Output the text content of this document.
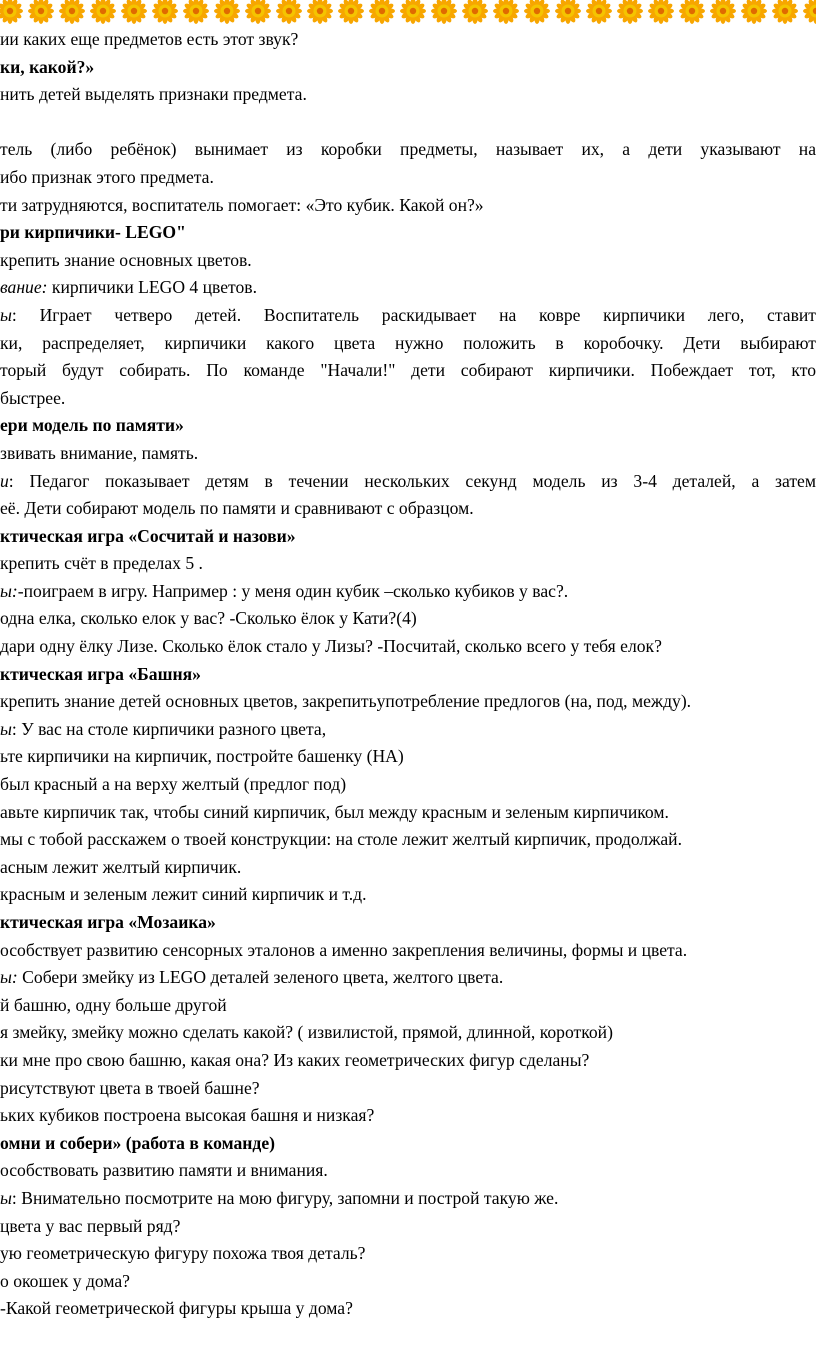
ии каких еще предметов есть этот звук?
ки, какой?»
нить детей выделять признаки предмета.
тель (либо ребёнок) вынимает из коробки предметы, называет их, а дети указывают на
ибо признак этого предмета.
ти затрудняются, воспитатель помогает: «Это кубик. Какой он?»
ри кирпичики- LEGO"
крепить знание основных цветов.
вание: кирпичики LEGO 4 цветов.
ы: Играет четверо детей. Воспитатель раскидывает на ковре кирпичики лего, ставит
ки, распределяет, кирпичики какого цвета нужно положить в коробочку. Дети выбирают
торый будут собирать. По команде "Начали!" дети собирают кирпичики. Побеждает тот, кто
быстрее.
ери модель по памяти»
звивать внимание, память.
и: Педагог показывает детям в течении нескольких секунд модель из 3-4 деталей, а затем
её. Дети собирают модель по памяти и сравнивают с образцом.
ктическая игра «Сосчитай и назови»
крепить счёт в пределах 5 .
ы:-поиграем в игру. Например : у меня один кубик –сколько кубиков у вас?.
одна елка, сколько елок у вас? -Сколько ёлок у Кати?(4)
дари одну ёлку Лизе. Сколько ёлок стало у Лизы? -Посчитай, сколько всего у тебя елок?
ктическая игра «Башня»
крепить знание детей основных цветов, закрепитьупотребление предлогов (на, под, между).
ы: У вас на столе кирпичики разного цвета,
ьте кирпичики на кирпичик, постройте башенку (НА)
был красный а на верху желтый (предлог под)
авьте кирпичик так, чтобы синий кирпичик, был между красным и зеленым кирпичиком.
мы с тобой расскажем о твоей конструкции: на столе лежит желтый кирпичик, продолжай.
асным лежит желтый кирпичик.
красным и зеленым лежит синий кирпичик и т.д.
ктическая игра «Мозаика»
особствует развитию сенсорных эталонов а именно закрепления величины, формы и цвета.
ы: Собери змейку из LEGO деталей зеленого цвета, желтого цвета.
й башню, одну больше другой
я змейку, змейку можно сделать какой? ( извилистой, прямой, длинной, короткой)
ки мне про свою башню, какая она? Из каких геометрических фигур сделаны?
рисутствуют цвета в твоей башне?
ьких кубиков построена высокая башня и низкая?
омни и собери» (работа в команде)
особствовать развитию памяти и внимания.
ы: Внимательно посмотрите на мою фигуру, запомни и построй такую же.
цвета у вас первый ряд?
ую геометрическую фигуру похожа твоя деталь?
о окошек у дома?
-Какой геометрической фигуры крыша у дома?
